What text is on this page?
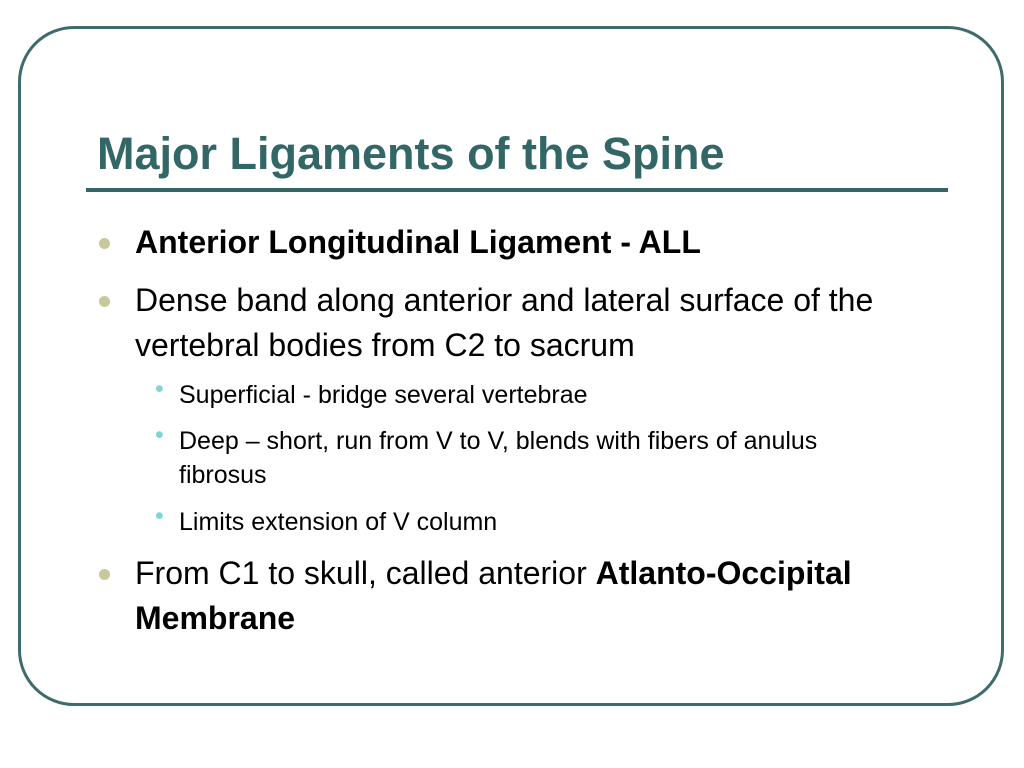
Major Ligaments of the Spine
Anterior Longitudinal Ligament - ALL
Dense band along anterior and lateral surface of the vertebral bodies from C2 to sacrum
• Superficial - bridge several vertebrae
• Deep – short, run from V to V, blends with fibers of anulus fibrosus
• Limits extension of V column
From C1 to skull, called anterior Atlanto-Occipital Membrane
